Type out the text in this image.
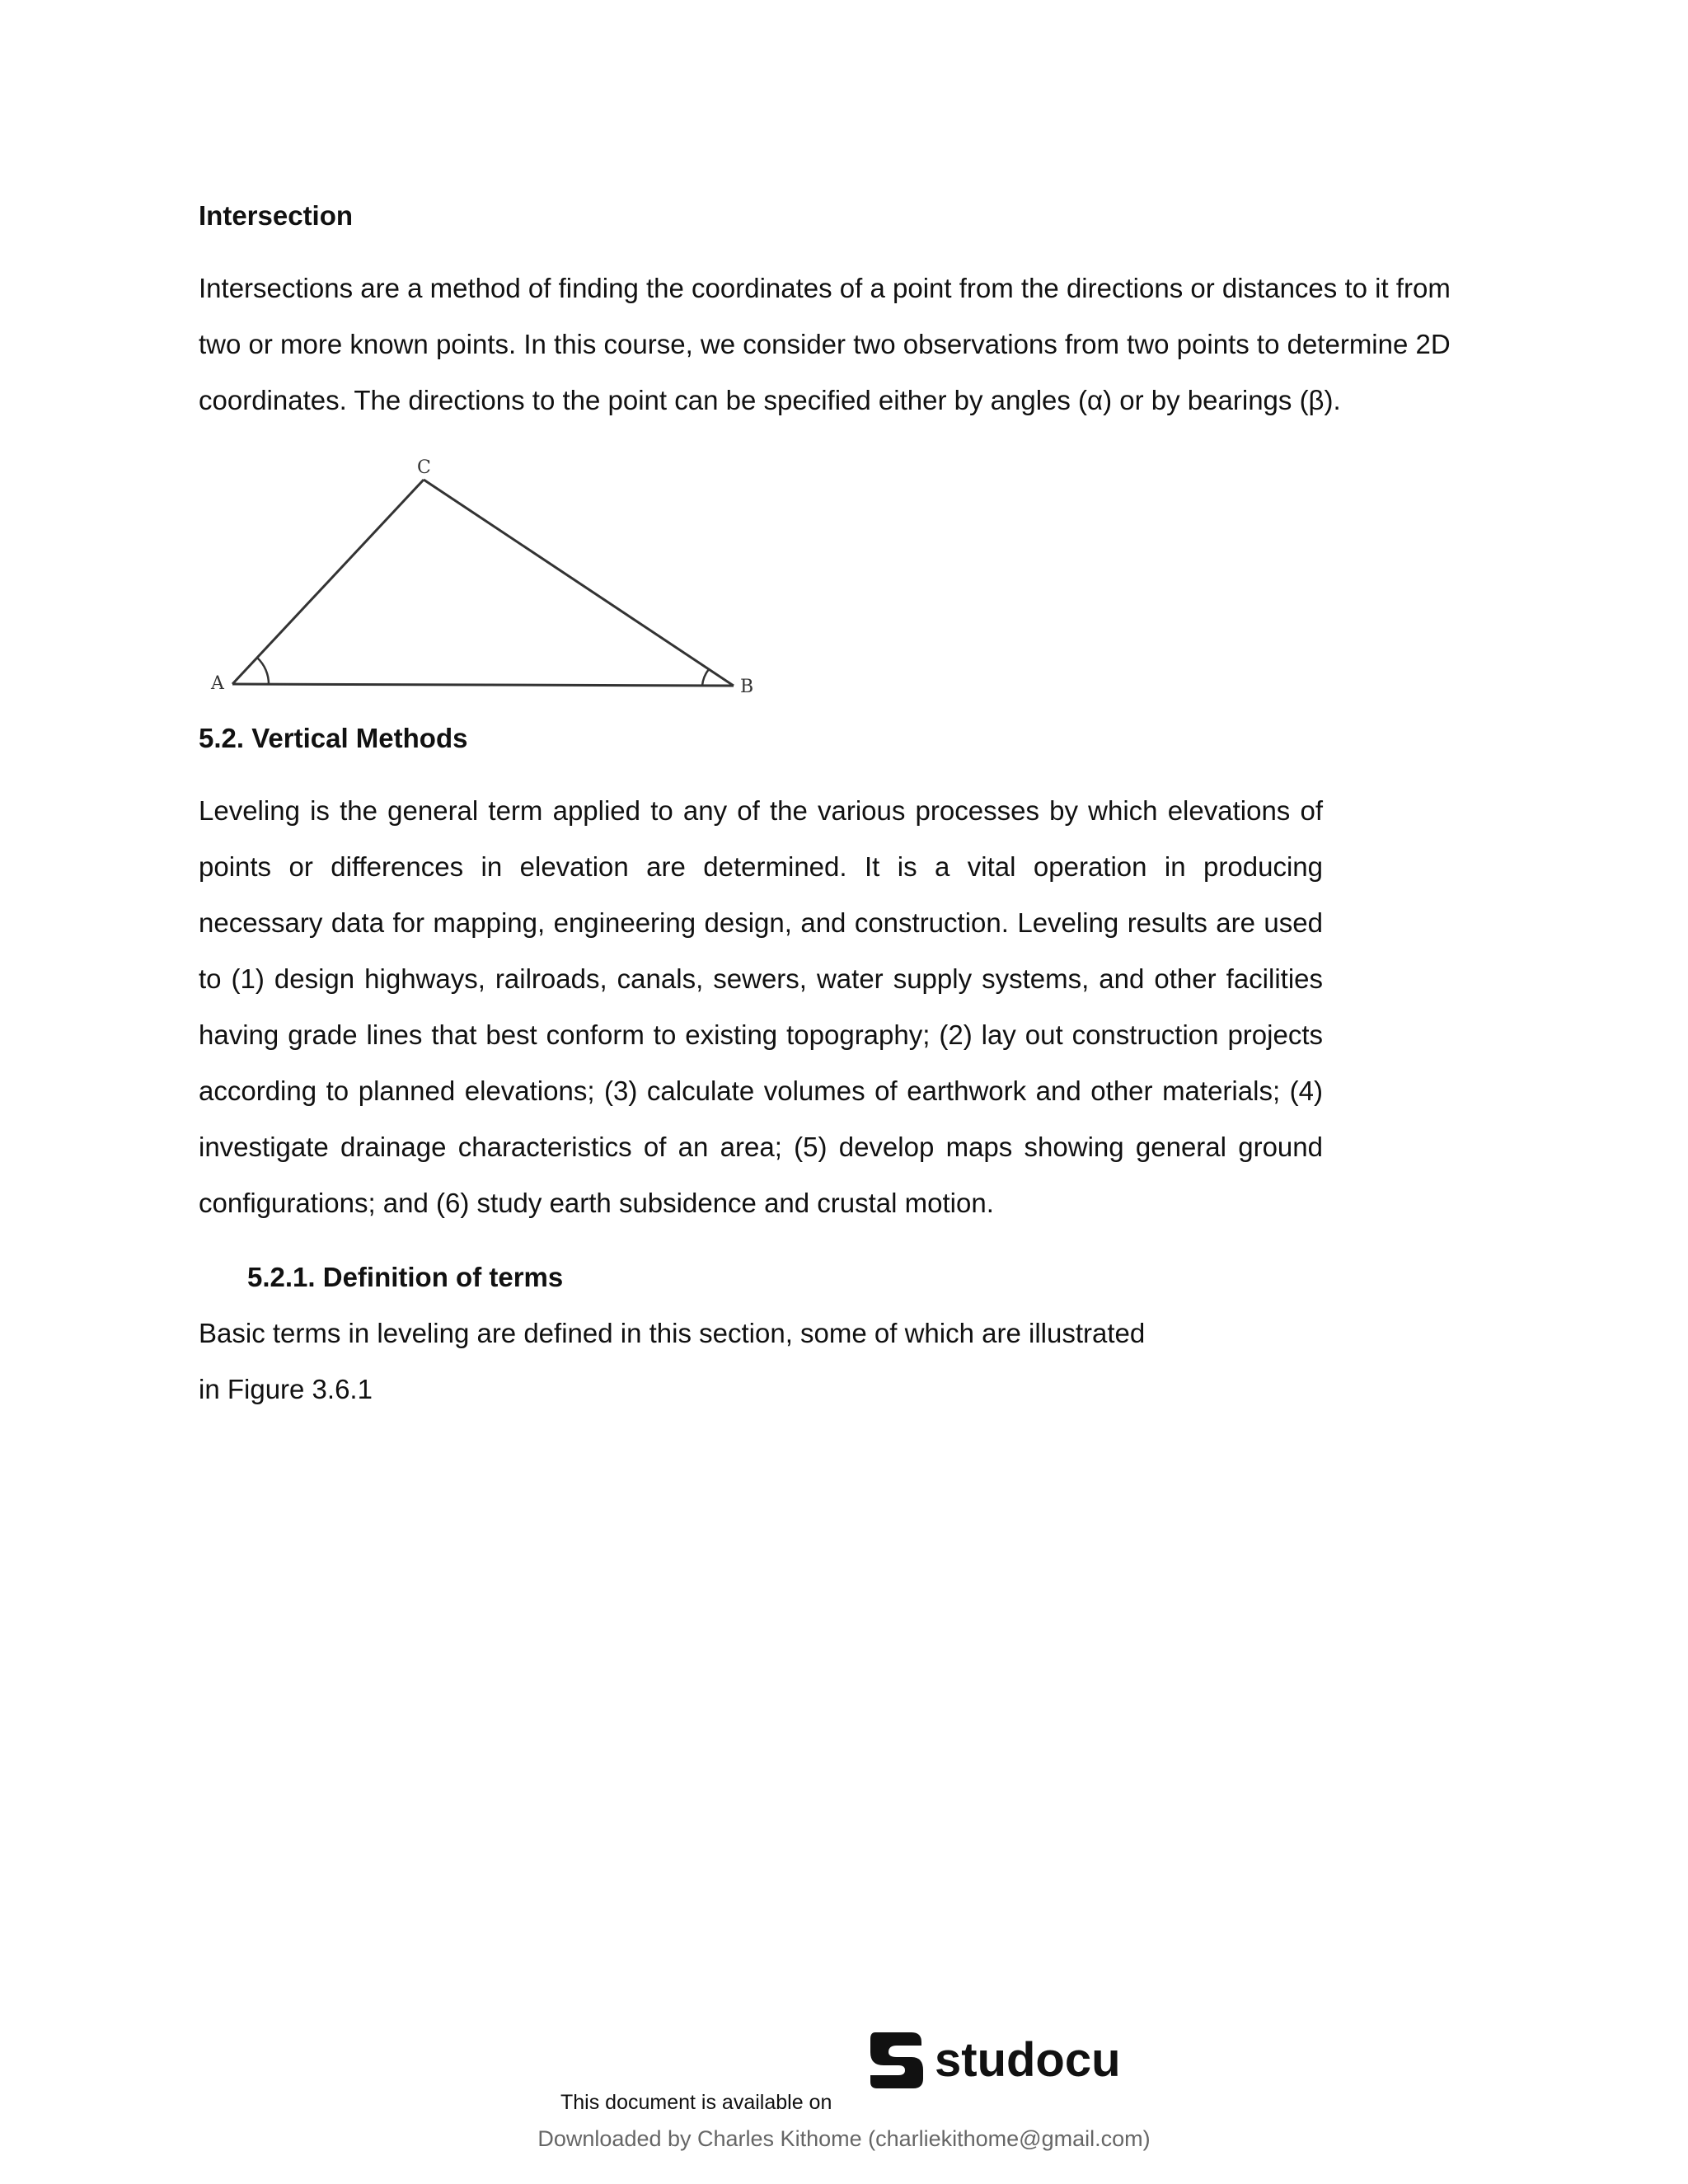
Intersection

Intersections are a method of finding the coordinates of a point from the directions or distances to it from
two or more known points. In this course, we consider two observations from two points to determine 2D
coordinates. The directions to the point can be specified either by angles (α) or by bearings (β).

A	B
C
5.2. Vertical Methods

Leveling is the general term applied to any of the various processes by which elevations of points or differences in elevation are determined. It is a vital operation in producing necessary data for mapping, engineering design, and construction. Leveling results are used to (1) design highways, railroads, canals, sewers, water supply systems, and other facilities having grade lines that best conform to existing topography; (2) lay out construction projects according to planned elevations; (3) calculate volumes of earthwork and other materials; (4) investigate drainage characteristics of an area; (5) develop maps showing general ground configurations; and (6) study earth subsidence and crustal motion.

5.2.1. Definition of terms

Basic terms in leveling are defined in this section, some of which are illustrated
in Figure 3.6.1

This document is available on
studocu
Downloaded by Charles Kithome (charliekithome@gmail.com)
